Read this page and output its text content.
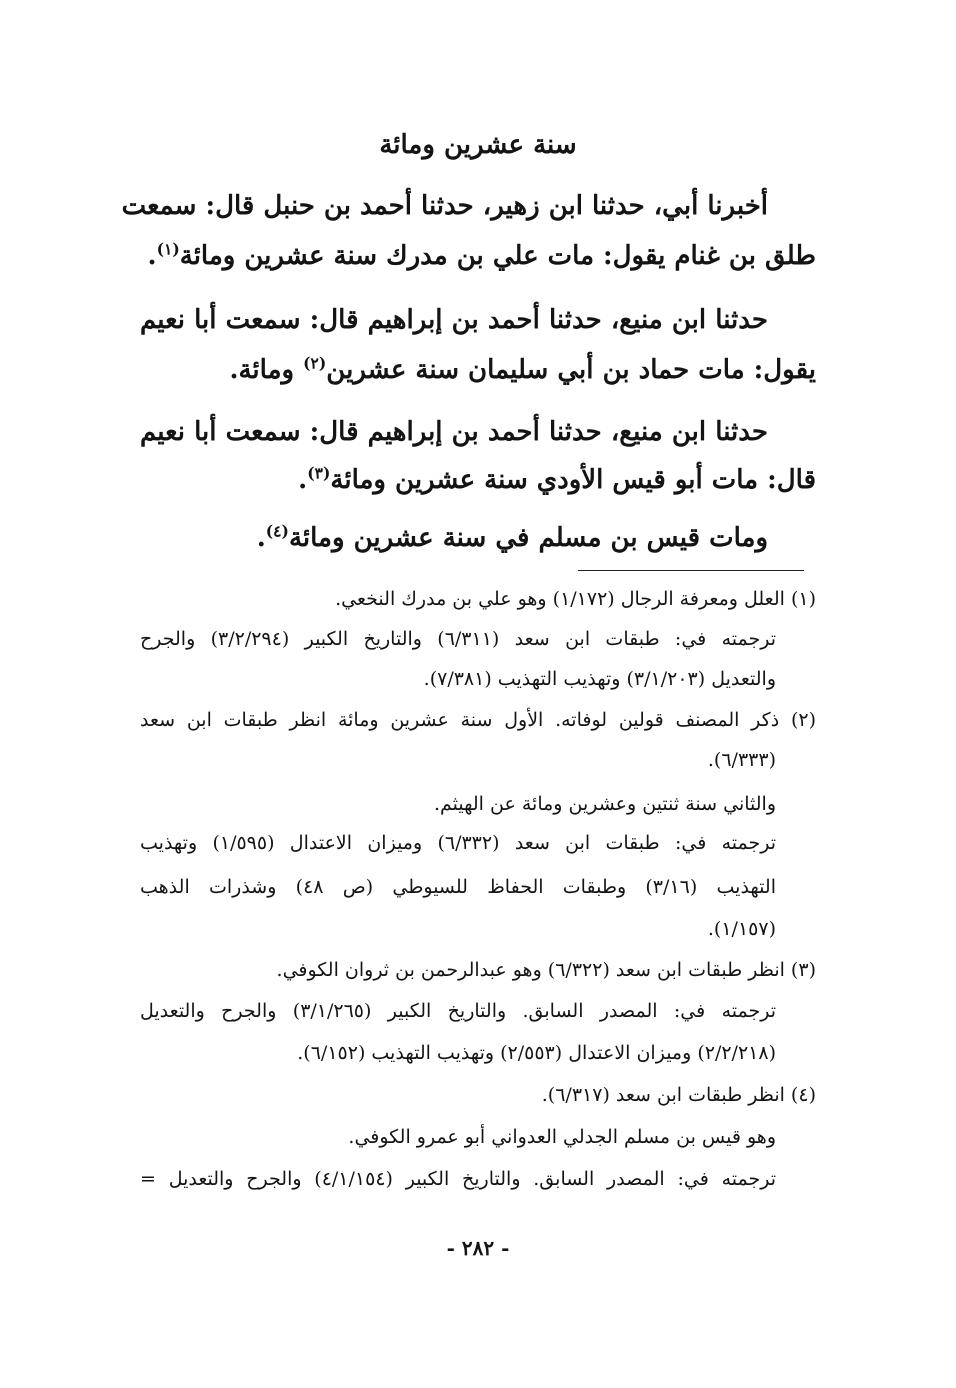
سنة عشرين ومائة
أخبرنا أبي، حدثنا ابن زهير، حدثنا أحمد بن حنبل قال: سمعت
طلق بن غنام يقول: مات علي بن مدرك سنة عشرين ومائة$^{(١)}$.
حدثنا ابن منيع، حدثنا أحمد بن إبراهيم قال: سمعت أبا نعيم
يقول: مات حماد بن أبي سليمان سنة عشرين$^{(٢)}$ ومائة.
حدثنا ابن منيع، حدثنا أحمد بن إبراهيم قال: سمعت أبا نعيم
قال: مات أبو قيس الأودي سنة عشرين ومائة$^{(٣)}$.
ومات قيس بن مسلم في سنة عشرين ومائة$^{(٤)}$.
(١) العلل ومعرفة الرجال (١/١٧٢) وهو علي بن مدرك النخعي.
ترجمته في: طبقات ابن سعد (٦/٣١١) والتاريخ الكبير (٣/٢/٢٩٤) والجرح
والتعديل (٣/١/٢٠٣) وتهذيب التهذيب (٧/٣٨١).
(٢) ذكر المصنف قولين لوفاته. الأول سنة عشرين ومائة انظر طبقات ابن سعد
(٦/٣٣٣).
والثاني سنة ثنتين وعشرين ومائة عن الهيثم.
ترجمته في: طبقات ابن سعد (٦/٣٣٢) وميزان الاعتدال (١/٥٩٥) وتهذيب
التهذيب (٣/١٦) وطبقات الحفاظ للسيوطي (ص ٤٨) وشذرات الذهب
(١/١٥٧).
(٣) انظر طبقات ابن سعد (٦/٣٢٢) وهو عبدالرحمن بن ثروان الكوفي.
ترجمته في: المصدر السابق. والتاريخ الكبير (٣/١/٢٦٥) والجرح والتعديل
(٢/٢/٢١٨) وميزان الاعتدال (٢/٥٥٣) وتهذيب التهذيب (٦/١٥٢).
(٤) انظر طبقات ابن سعد (٦/٣١٧).
وهو قيس بن مسلم الجدلي العدواني أبو عمرو الكوفي.
ترجمته في: المصدر السابق. والتاريخ الكبير (٤/١/١٥٤) والجرح والتعديل =
- ٢٨٢ -
